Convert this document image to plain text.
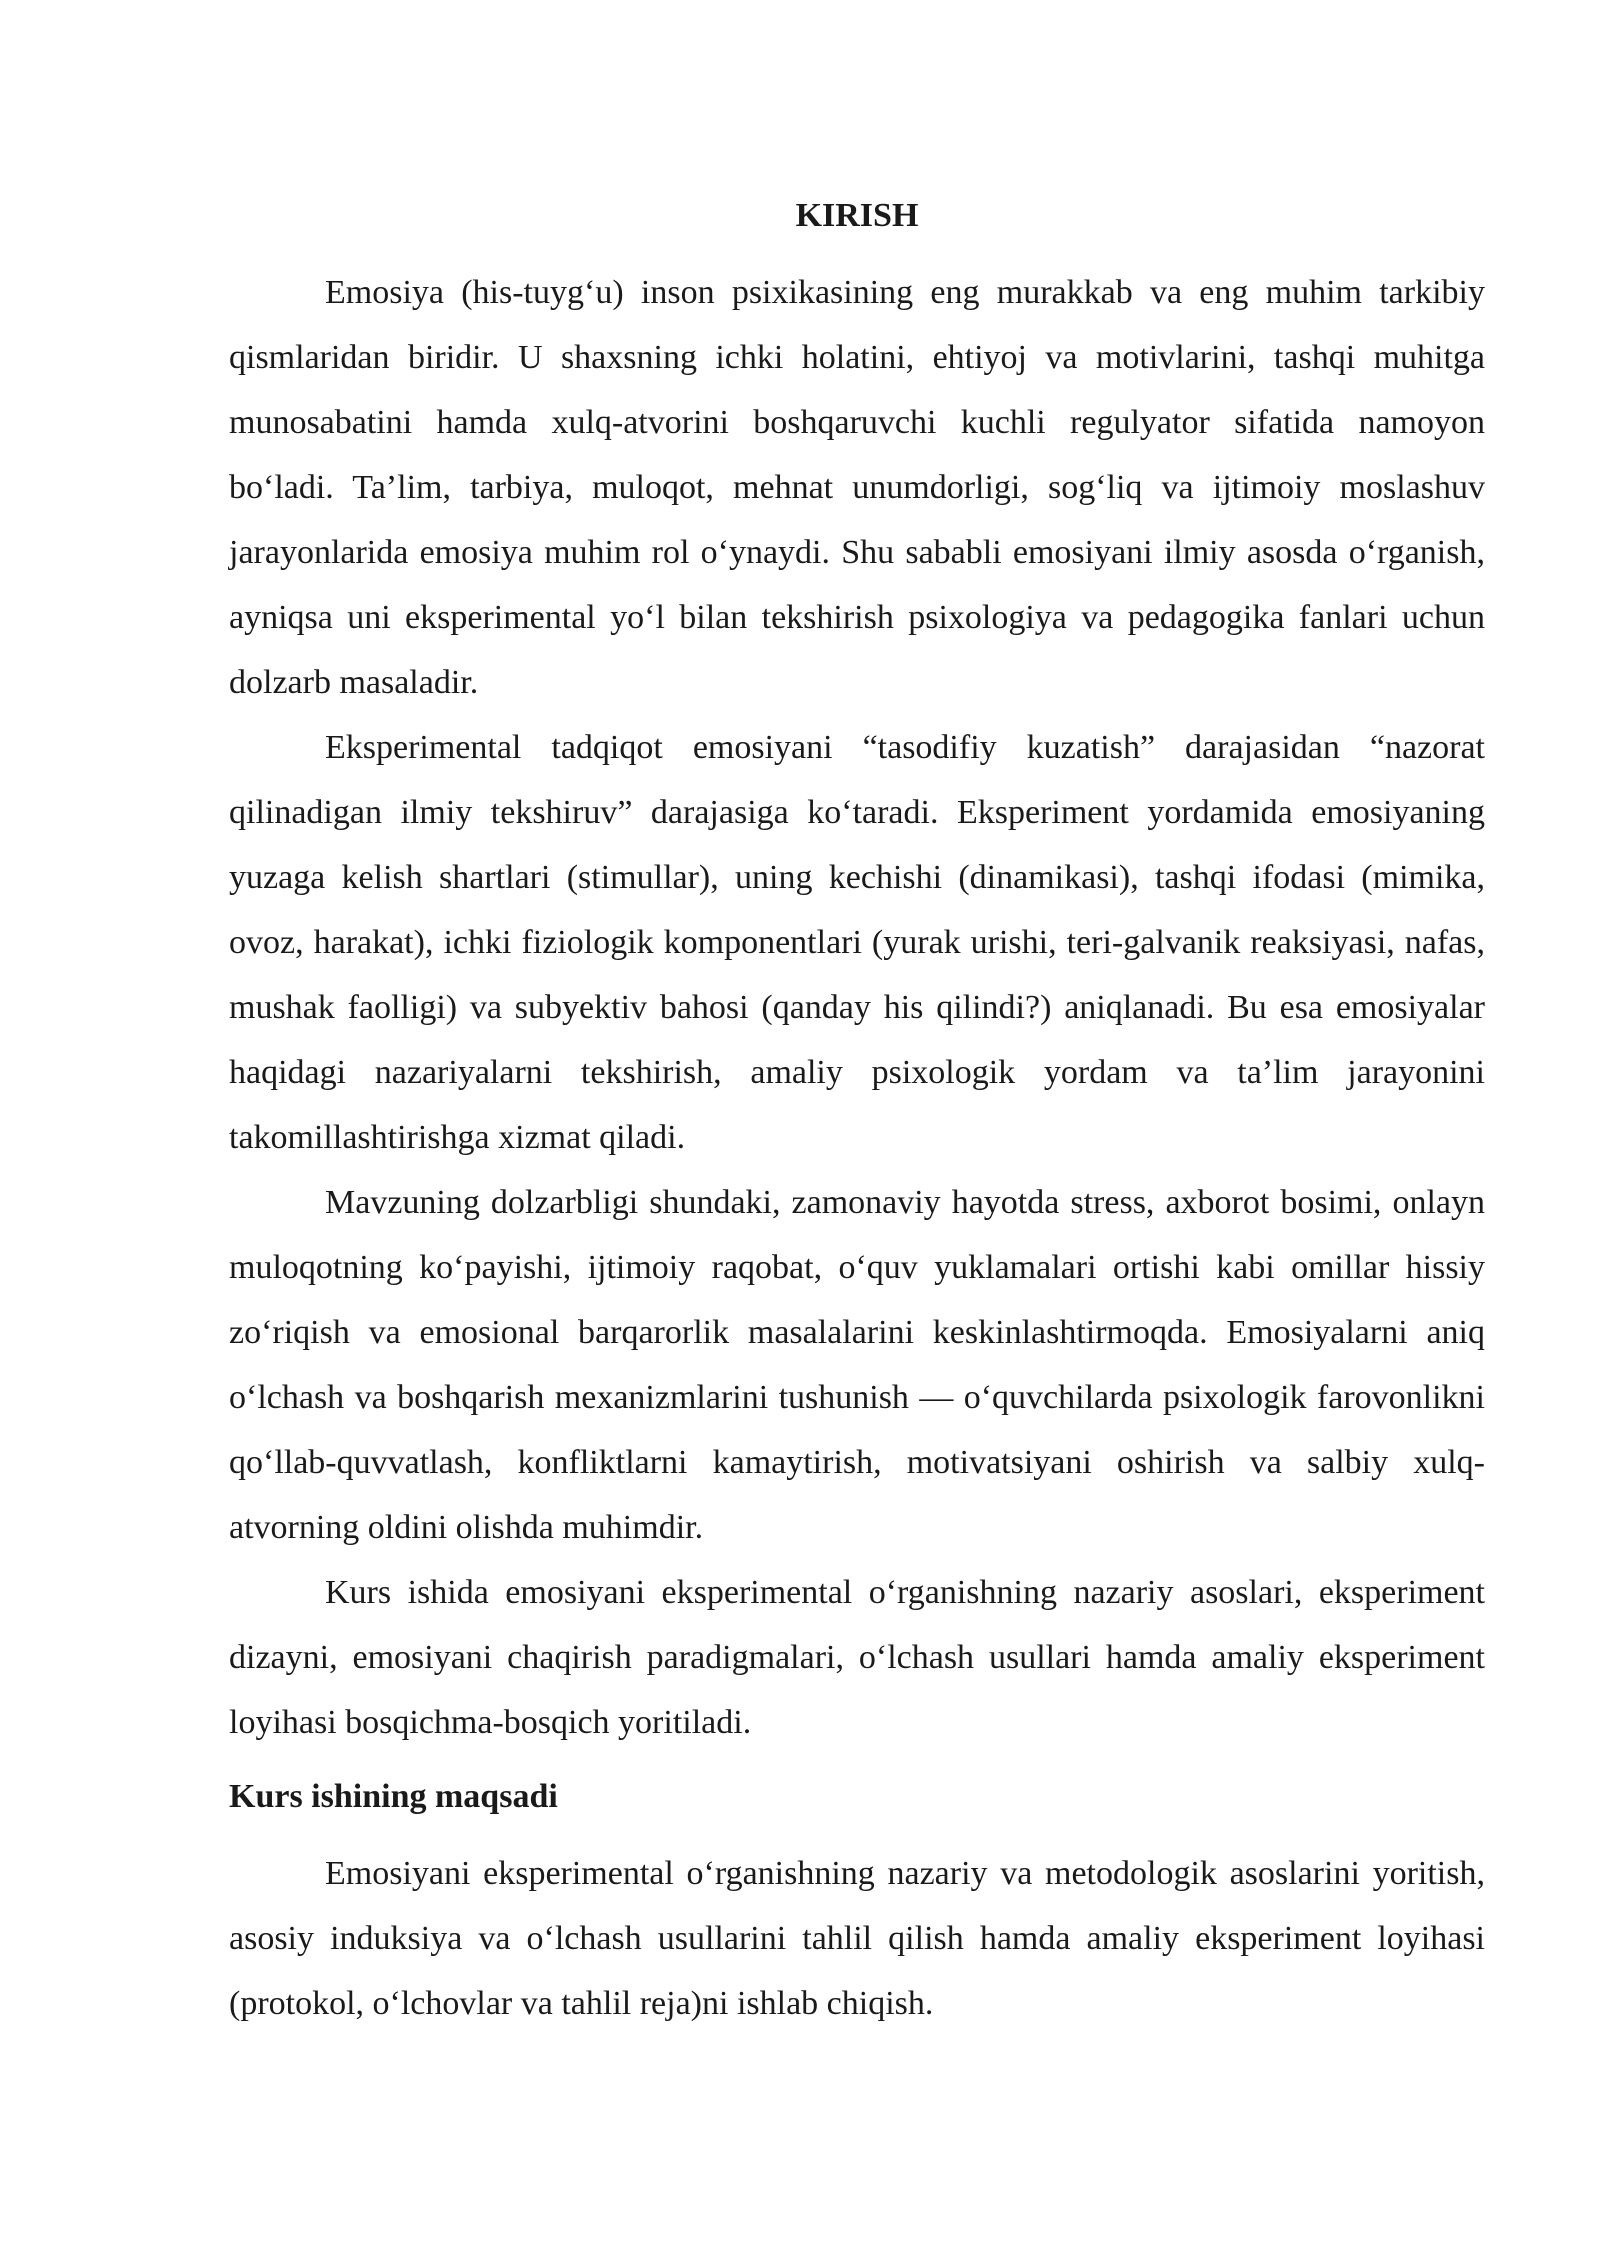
KIRISH

Emosiya (his-tuyg‘u) inson psixikasining eng murakkab va eng muhim tarkibiy qismlaridan biridir. U shaxsning ichki holatini, ehtiyoj va motivlarini, tashqi muhitga munosabatini hamda xulq-atvorini boshqaruvchi kuchli regulyator sifatida namoyon bo‘ladi. Ta’lim, tarbiya, muloqot, mehnat unumdorligi, sog‘liq va ijtimoiy moslashuv jarayonlarida emosiya muhim rol o‘ynaydi. Shu sababli emosiyani ilmiy asosda o‘rganish, ayniqsa uni eksperimental yo‘l bilan tekshirish psixologiya va pedagogika fanlari uchun dolzarb masaladir.

Eksperimental tadqiqot emosiyani “tasodifiy kuzatish” darajasidan “nazorat qilinadigan ilmiy tekshiruv” darajasiga ko‘taradi. Eksperiment yordamida emosiyaning yuzaga kelish shartlari (stimullar), uning kechishi (dinamikasi), tashqi ifodasi (mimika, ovoz, harakat), ichki fiziologik komponentlari (yurak urishi, teri-galvanik reaksiyasi, nafas, mushak faolligi) va subyektiv bahosi (qanday his qilindi?) aniqlanadi. Bu esa emosiyalar haqidagi nazariyalarni tekshirish, amaliy psixologik yordam va ta’lim jarayonini takomillashtirishga xizmat qiladi.

Mavzuning dolzarbligi shundaki, zamonaviy hayotda stress, axborot bosimi, onlayn muloqotning ko‘payishi, ijtimoiy raqobat, o‘quv yuklamalari ortishi kabi omillar hissiy zo‘riqish va emosional barqarorlik masalalarini keskinlashtirmoqda. Emosiyalarni aniq o‘lchash va boshqarish mexanizmlarini tushunish — o‘quvchilarda psixologik farovonlikni qo‘llab-quvvatlash, konfliktlarni kamaytirish, motivatsiyani oshirish va salbiy xulq-atvorning oldini olishda muhimdir.

Kurs ishida emosiyani eksperimental o‘rganishning nazariy asoslari, eksperiment dizayni, emosiyani chaqirish paradigmalari, o‘lchash usullari hamda amaliy eksperiment loyihasi bosqichma-bosqich yoritiladi.

Kurs ishining maqsadi

Emosiyani eksperimental o‘rganishning nazariy va metodologik asoslarini yoritish, asosiy induksiya va o‘lchash usullarini tahlil qilish hamda amaliy eksperiment loyihasi (protokol, o‘lchovlar va tahlil reja)ni ishlab chiqish.
